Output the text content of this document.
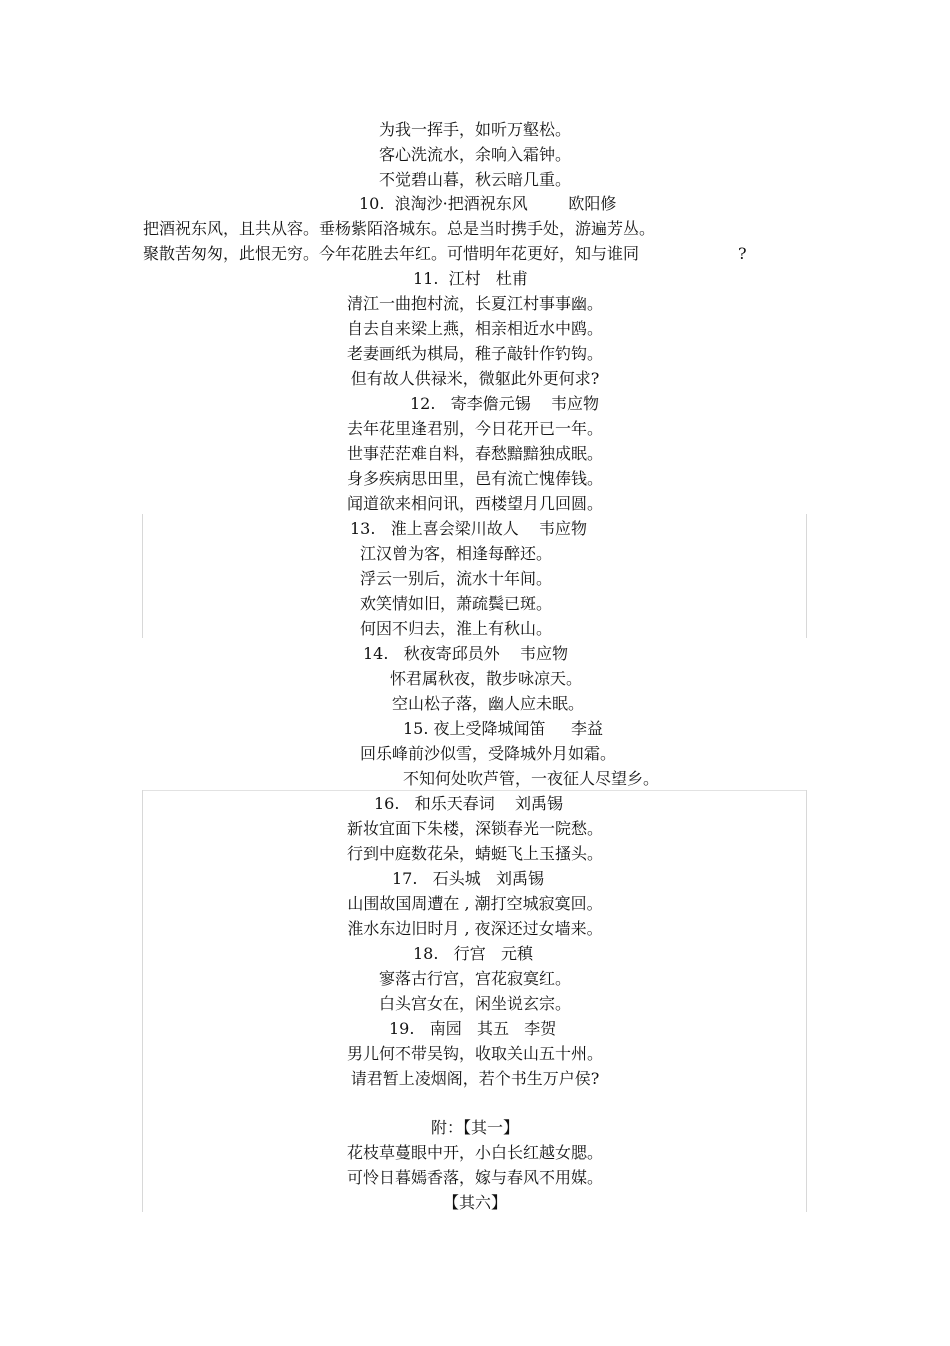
为我一挥手，如听万壑松。
客心洗流水，余响入霜钟。
不觉碧山暮，秋云暗几重。
10.  浪淘沙·把酒祝东风        欧阳修
把酒祝东风，且共从容。垂杨紫陌洛城东。总是当时携手处，游遍芳丛。
聚散苦匆匆，此恨无穷。今年花胜去年红。可惜明年花更好，知与谁同	?
11.  江村   杜甫
清江一曲抱村流，长夏江村事事幽。
自去自来梁上燕，相亲相近水中鸥。
老妻画纸为棋局，稚子敲针作钓钩。
但有故人供禄米，微躯此外更何求?
12.   寄李儋元锡    韦应物
去年花里逢君别，今日花开已一年。
世事茫茫难自料，春愁黯黯独成眠。
身多疾病思田里，邑有流亡愧俸钱。
闻道欲来相问讯，西楼望月几回圆。
13.   淮上喜会梁川故人    韦应物
江汉曾为客，相逢每醉还。
浮云一别后，流水十年间。
欢笑情如旧，萧疏鬓已斑。
何因不归去，淮上有秋山。
14.   秋夜寄邱员外    韦应物
怀君属秋夜，散步咏凉天。
空山松子落，幽人应未眠。
15. 夜上受降城闻笛     李益
回乐峰前沙似雪，受降城外月如霜。
不知何处吹芦管，一夜征人尽望乡。
16.   和乐天春词    刘禹锡
新妆宜面下朱楼，深锁春光一院愁。
行到中庭数花朵，蜻蜓飞上玉搔头。
17.   石头城   刘禹锡
山围故国周遭在 , 潮打空城寂寞回。
淮水东边旧时月 , 夜深还过女墙来。
18.   行宫   元稹
寥落古行宫，宫花寂寞红。
白头宫女在，闲坐说玄宗。
19.   南园   其五   李贺
男儿何不带吴钩，收取关山五十州。
请君暂上凌烟阁，若个书生万户侯?
附：【其一】
花枝草蔓眼中开，小白长红越女腮。
可怜日暮嫣香落，嫁与春风不用媒。
【其六】
